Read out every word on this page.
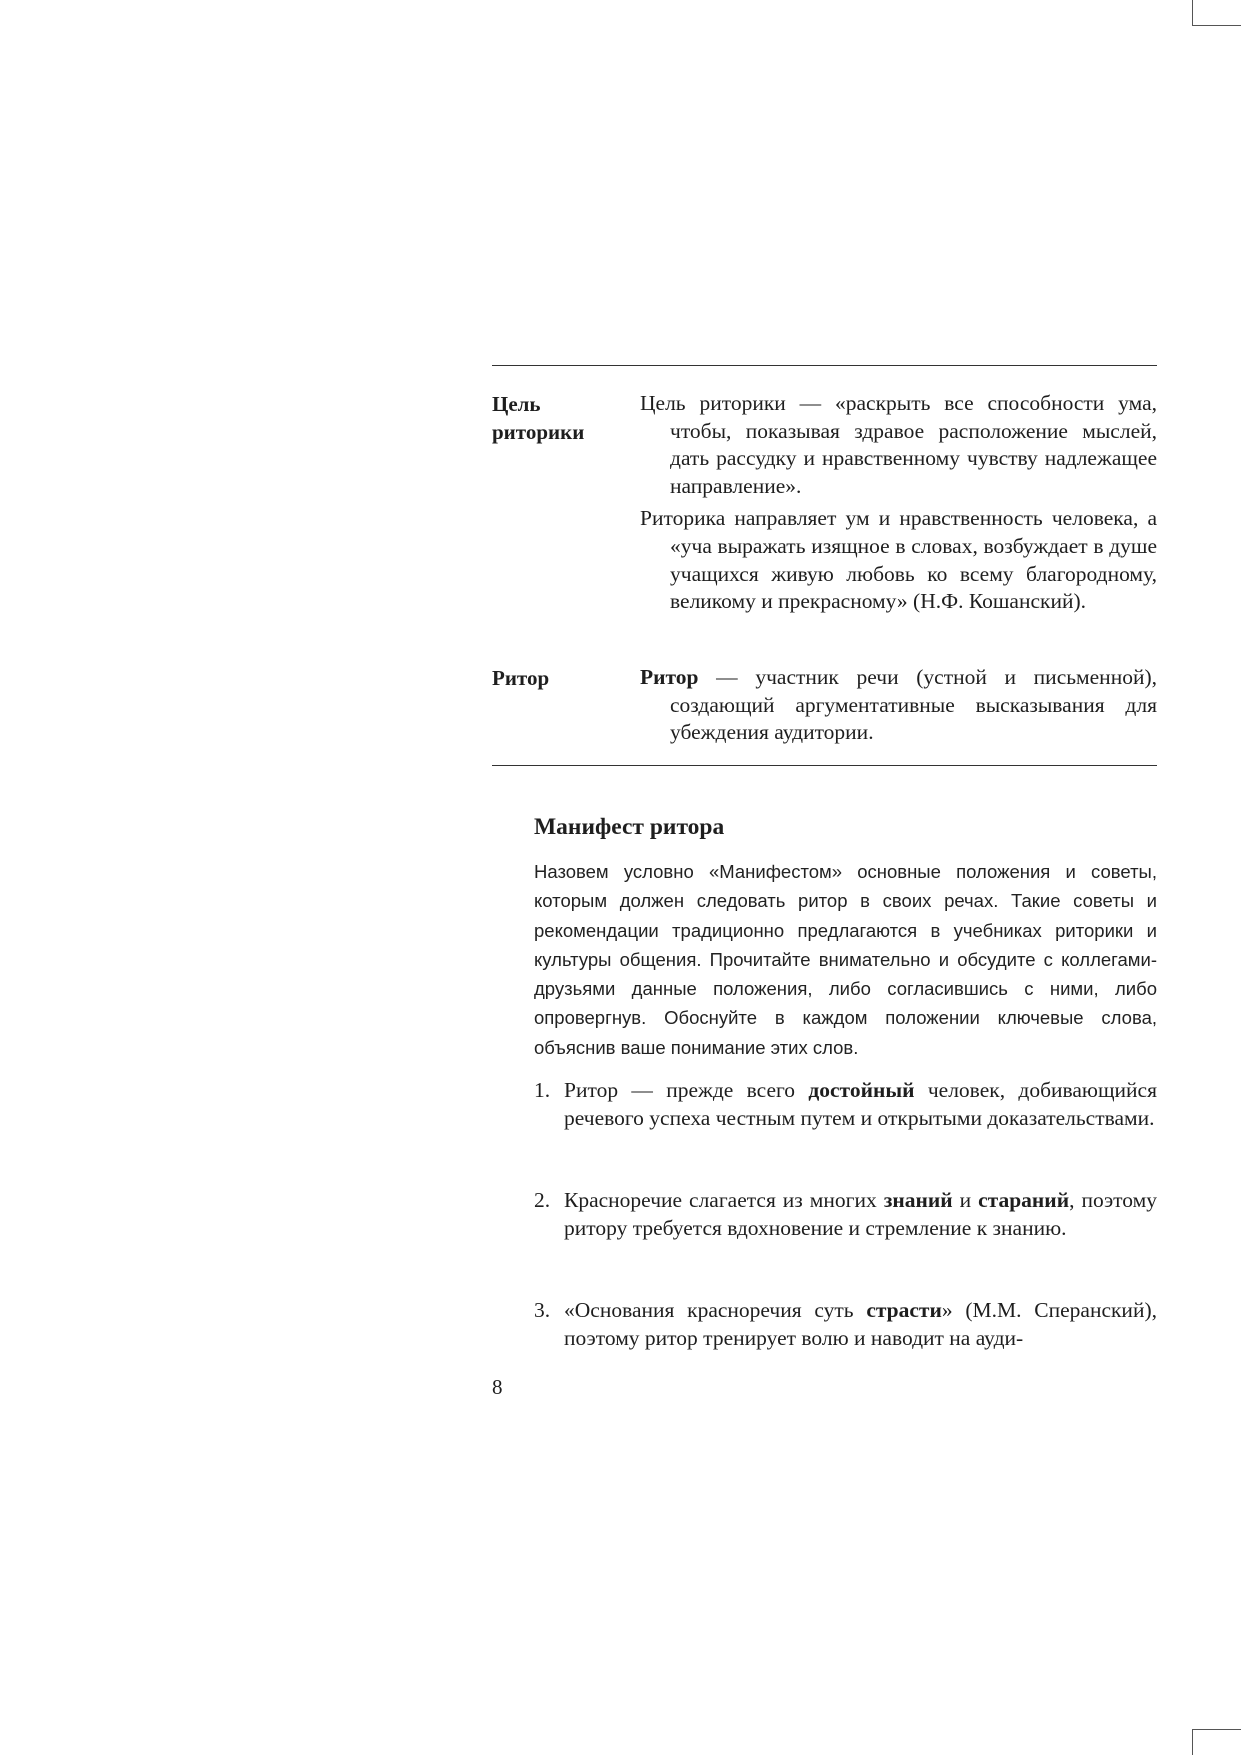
Цель риторики

Цель риторики — «раскрыть все способности ума, чтобы, показывая здравое расположение мыслей, дать рассудку и нравственному чувству надлежащее направление».

Риторика направляет ум и нравственность человека, а «уча выражать изящное в словах, возбуждает в душе учащихся живую любовь ко всему благородному, великому и прекрасному» (Н.Ф. Кошанский).

Ритор	Ритор — участник речи (устной и письменной), создающий аргументативные высказывания для убеждения аудитории.

Манифест ритора

Назовем условно «Манифестом» основные положения и советы, которым должен следовать ритор в своих речах. Такие советы и рекомендации традиционно предлагаются в учебниках риторики и культуры общения. Прочитайте внимательно и обсудите с коллегами-друзьями данные положения, либо согласившись с ними, либо опровергнув. Обоснуйте в каждом положении ключевые слова, объяснив ваше понимание этих слов.

1. Ритор — прежде всего достойный человек, добивающийся речевого успеха честным путем и открытыми доказательствами.
2. Красноречие слагается из многих знаний и стараний, поэтому ритору требуется вдохновение и стремление к знанию.
3. «Основания красноречия суть страсти» (М.М. Сперанский), поэтому ритор тренирует волю и наводит на ауди-
8
